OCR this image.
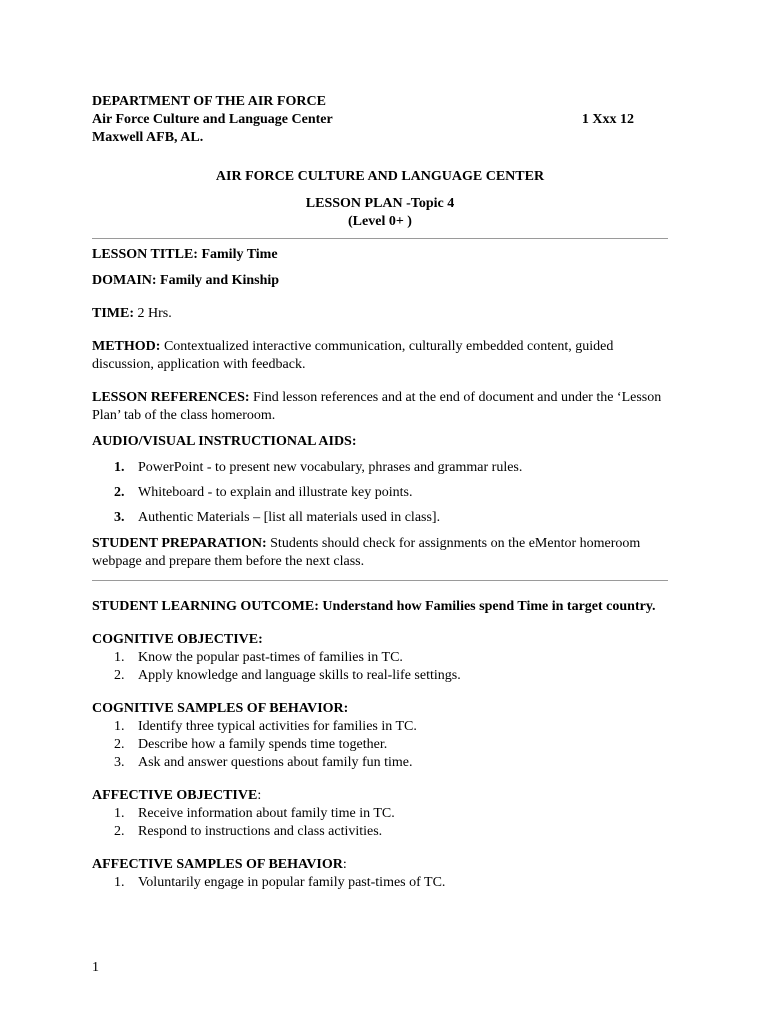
DEPARTMENT OF THE AIR FORCE

Air Force Culture and Language Center	1 Xxx 12

Maxwell AFB, AL.

AIR FORCE CULTURE AND LANGUAGE CENTER

LESSON PLAN -Topic 4

(Level 0+ )

LESSON TITLE: Family Time

DOMAIN: Family and Kinship

TIME: 2 Hrs.

METHOD: Contextualized interactive communication, culturally embedded content, guided discussion, application with feedback.

LESSON REFERENCES: Find lesson references and at the end of document and under the ‘Lesson Plan’ tab of the class homeroom.

AUDIO/VISUAL INSTRUCTIONAL AIDS:

1. PowerPoint - to present new vocabulary, phrases and grammar rules.
2. Whiteboard - to explain and illustrate key points.
3. Authentic Materials – [list all materials used in class].

STUDENT PREPARATION: Students should check for assignments on the eMentor homeroom webpage and prepare them before the next class.

STUDENT LEARNING OUTCOME: Understand how Families spend Time in target country.

COGNITIVE OBJECTIVE:

1. Know the popular past-times of families in TC.
2. Apply knowledge and language skills to real-life settings.

COGNITIVE SAMPLES OF BEHAVIOR:

1. Identify three typical activities for families in TC.
2. Describe how a family spends time together.
3. Ask and answer questions about family fun time.

AFFECTIVE OBJECTIVE:

1. Receive information about family time in TC.
2. Respond to instructions and class activities.

AFFECTIVE SAMPLES OF BEHAVIOR:

1. Voluntarily engage in popular family past-times of TC.
1
